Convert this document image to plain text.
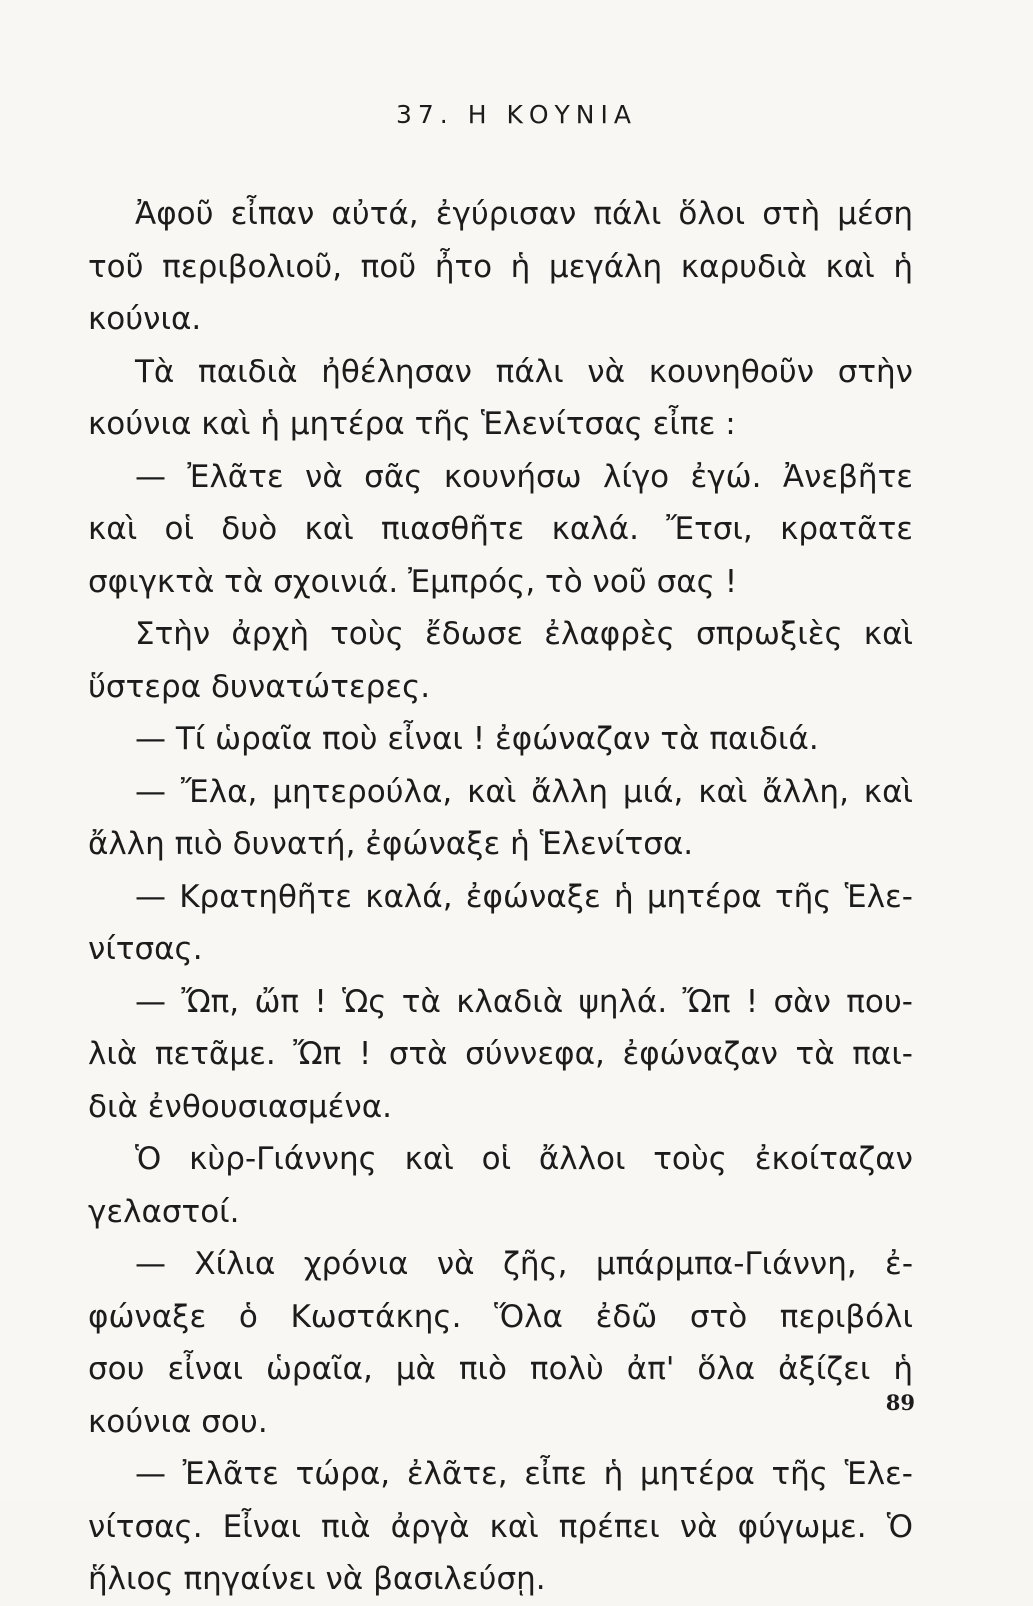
37. Η ΚΟΥΝΙΑ
Ἀφοῦ εἶπαν αὐτά, ἐγύρισαν πάλι ὅλοι στὴ μέση
τοῦ περιβολιοῦ, ποῦ ἦτο ἡ μεγάλη καρυδιὰ καὶ ἡ
κούνια.
Τὰ παιδιὰ ἠθέλησαν πάλι νὰ κουνηθοῦν στὴν
κούνια καὶ ἡ μητέρα τῆς Ἑλενίτσας εἶπε :
— Ἐλᾶτε νὰ σᾶς κουνήσω λίγο ἐγώ. Ἀνεβῆτε
καὶ οἱ δυὸ καὶ πιασθῆτε καλά. Ἔτσι, κρατᾶτε
σφιγκτὰ τὰ σχοινιά. Ἐμπρός, τὸ νοῦ σας !
Στὴν ἀρχὴ τοὺς ἔδωσε ἐλαφρὲς σπρωξιὲς καὶ
ὕστερα δυνατώτερες.
— Τί ὡραῖα ποὺ εἶναι ! ἐφώναζαν τὰ παιδιά.
— Ἔλα, μητερούλα, καὶ ἄλλη μιά, καὶ ἄλλη, καὶ
ἄλλη πιὸ δυνατή, ἐφώναξε ἡ Ἑλενίτσα.
— Κρατηθῆτε καλά, ἐφώναξε ἡ μητέρα τῆς Ἑλε-
νίτσας.
— Ὤπ, ὤπ ! Ὡς τὰ κλαδιὰ ψηλά. Ὤπ ! σὰν που-
λιὰ πετᾶμε. Ὤπ ! στὰ σύννεφα, ἐφώναζαν τὰ παι-
διὰ ἐνθουσιασμένα.
Ὁ κὺρ-Γιάννης καὶ οἱ ἄλλοι τοὺς ἐκοίταζαν
γελαστοί.
— Χίλια χρόνια νὰ ζῆς, μπάρμπα-Γιάννη, ἐ-
φώναξε ὁ Κωστάκης. Ὅλα ἐδῶ στὸ περιβόλι
σου εἶναι ὡραῖα, μὰ πιὸ πολὺ ἀπ' ὅλα ἀξίζει ἡ
κούνια σου.
— Ἐλᾶτε τώρα, ἐλᾶτε, εἶπε ἡ μητέρα τῆς Ἑλε-
νίτσας. Εἶναι πιὰ ἀργὰ καὶ πρέπει νὰ φύγωμε. Ὁ
ἥλιος πηγαίνει νὰ βασιλεύσῃ.
89
